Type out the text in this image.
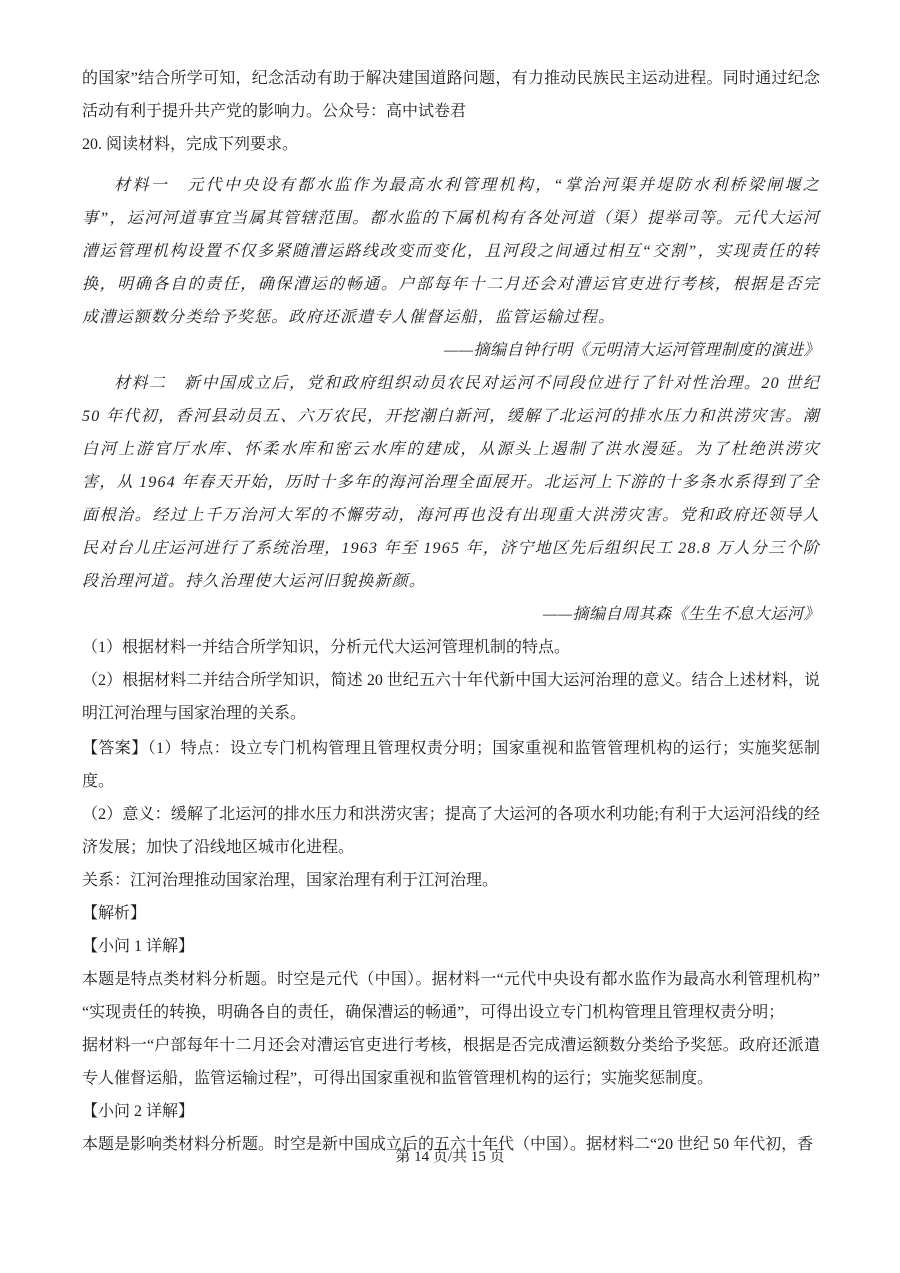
的国家”结合所学可知，纪念活动有助于解决建国道路问题，有力推动民族民主运动进程。同时通过纪念活动有利于提升共产党的影响力。公众号：高中试卷君

20. 阅读材料，完成下列要求。

材料一　元代中央设有都水监作为最高水利管理机构，“掌治河渠并堤防水利桥梁闸堰之事”，运河河道事宜当属其管辖范围。都水监的下属机构有各处河道（渠）提举司等。元代大运河漕运管理机构设置不仅多紧随漕运路线改变而变化，且河段之间通过相互“交割”，实现责任的转换，明确各自的责任，确保漕运的畅通。户部每年十二月还会对漕运官吏进行考核，根据是否完成漕运额数分类给予奖惩。政府还派遣专人催督运船，监管运输过程。

——摘编自钟行明《元明清大运河管理制度的演进》

材料二　新中国成立后，党和政府组织动员农民对运河不同段位进行了针对性治理。20 世纪 50 年代初，香河县动员五、六万农民，开挖潮白新河，缓解了北运河的排水压力和洪涝灾害。潮白河上游官厅水库、怀柔水库和密云水库的建成，从源头上遏制了洪水漫延。为了杜绝洪涝灾害，从 1964 年春天开始，历时十多年的海河治理全面展开。北运河上下游的十多条水系得到了全面根治。经过上千万治河大军的不懈劳动，海河再也没有出现重大洪涝灾害。党和政府还领导人民对台儿庄运河进行了系统治理，1963 年至 1965 年，济宁地区先后组织民工 28.8 万人分三个阶段治理河道。持久治理使大运河旧貌换新颜。

——摘编自周其森《生生不息大运河》

（1）根据材料一并结合所学知识，分析元代大运河管理机制的特点。

（2）根据材料二并结合所学知识，简述 20 世纪五六十年代新中国大运河治理的意义。结合上述材料，说明江河治理与国家治理的关系。

【答案】（1）特点：设立专门机构管理且管理权责分明；国家重视和监管管理机构的运行；实施奖惩制度。

（2）意义：缓解了北运河的排水压力和洪涝灾害；提高了大运河的各项水利功能;有利于大运河沿线的经济发展；加快了沿线地区城市化进程。

关系：江河治理推动国家治理，国家治理有利于江河治理。

【解析】

【小问 1 详解】

本题是特点类材料分析题。时空是元代（中国）。据材料一“元代中央设有都水监作为最高水利管理机构”“实现责任的转换，明确各自的责任，确保漕运的畅通”，可得出设立专门机构管理且管理权责分明；

据材料一“户部每年十二月还会对漕运官吏进行考核，根据是否完成漕运额数分类给予奖惩。政府还派遣专人催督运船，监管运输过程”，可得出国家重视和监管管理机构的运行；实施奖惩制度。

【小问 2 详解】

本题是影响类材料分析题。时空是新中国成立后的五六十年代（中国）。据材料二“20 世纪 50 年代初，香

第 14 页/共 15 页
